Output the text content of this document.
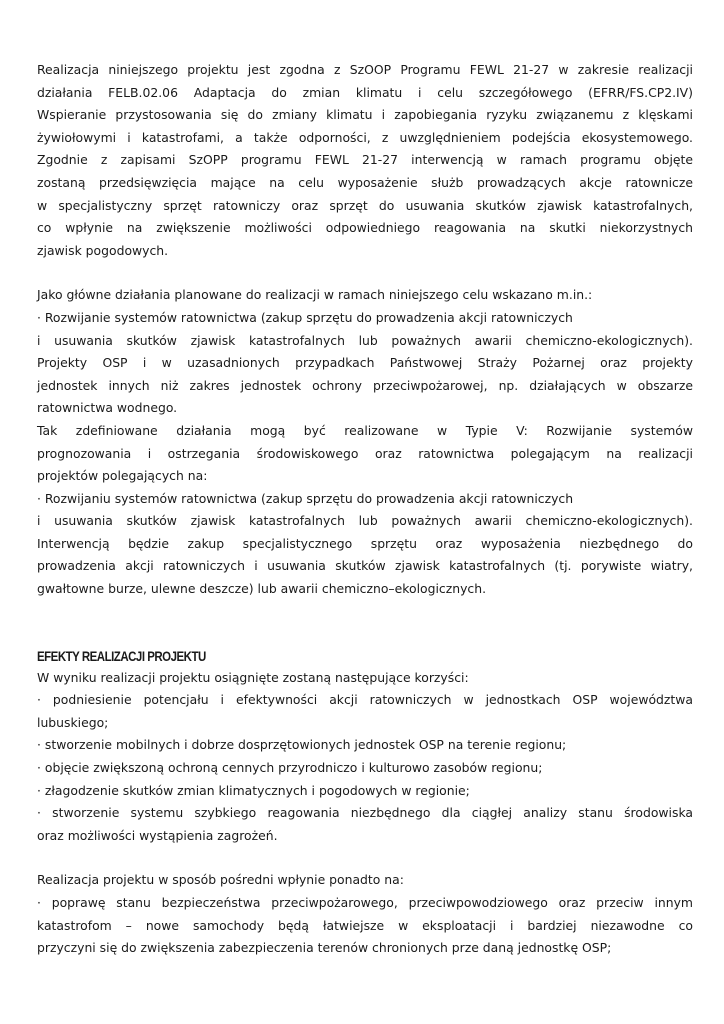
Realizacja niniejszego projektu jest zgodna z SzOOP Programu FEWL 21-27 w zakresie realizacji
działania FELB.02.06 Adaptacja do zmian klimatu i celu szczegółowego (EFRR/FS.CP2.IV)
Wspieranie przystosowania się do zmiany klimatu i zapobiegania ryzyku związanemu z klęskami
żywiołowymi i katastrofami, a także odporności, z uwzględnieniem podejścia ekosystemowego.
Zgodnie z zapisami SzOPP programu FEWL 21-27 interwencją w ramach programu objęte
zostaną przedsięwzięcia mające na celu wyposażenie służb prowadzących akcje ratownicze
w specjalistyczny sprzęt ratowniczy oraz sprzęt do usuwania skutków zjawisk katastrofalnych,
co wpłynie na zwiększenie możliwości odpowiedniego reagowania na skutki niekorzystnych
zjawisk pogodowych.
Jako główne działania planowane do realizacji w ramach niniejszego celu wskazano m.in.:
· Rozwijanie systemów ratownictwa (zakup sprzętu do prowadzenia akcji ratowniczych
i usuwania skutków zjawisk katastrofalnych lub poważnych awarii chemiczno-ekologicznych).
Projekty OSP i w uzasadnionych przypadkach Państwowej Straży Pożarnej oraz projekty
jednostek innych niż zakres jednostek ochrony przeciwpożarowej, np. działających w obszarze
ratownictwa wodnego.
Tak zdefiniowane działania mogą być realizowane w Typie V: Rozwijanie systemów
prognozowania i ostrzegania środowiskowego oraz ratownictwa polegającym na realizacji
projektów polegających na:
· Rozwijaniu systemów ratownictwa (zakup sprzętu do prowadzenia akcji ratowniczych
i usuwania skutków zjawisk katastrofalnych lub poważnych awarii chemiczno-ekologicznych).
Interwencją będzie zakup specjalistycznego sprzętu oraz wyposażenia niezbędnego do
prowadzenia akcji ratowniczych i usuwania skutków zjawisk katastrofalnych (tj. porywiste wiatry,
gwałtowne burze, ulewne deszcze) lub awarii chemiczno–ekologicznych.
EFEKTY REALIZACJI PROJEKTU
W wyniku realizacji projektu osiągnięte zostaną następujące korzyści:
· podniesienie potencjału i efektywności akcji ratowniczych w jednostkach OSP województwa
lubuskiego;
· stworzenie mobilnych i dobrze dosprzętowionych jednostek OSP na terenie regionu;
· objęcie zwiększoną ochroną cennych przyrodniczo i kulturowo zasobów regionu;
· złagodzenie skutków zmian klimatycznych i pogodowych w regionie;
· stworzenie systemu szybkiego reagowania niezbędnego dla ciągłej analizy stanu środowiska
oraz możliwości wystąpienia zagrożeń.
Realizacja projektu w sposób pośredni wpłynie ponadto na:
· poprawę stanu bezpieczeństwa przeciwpożarowego, przeciwpowodziowego oraz przeciw innym
katastrofom – nowe samochody będą łatwiejsze w eksploatacji i bardziej niezawodne co
przyczyni się do zwiększenia zabezpieczenia terenów chronionych prze daną jednostkę OSP;
